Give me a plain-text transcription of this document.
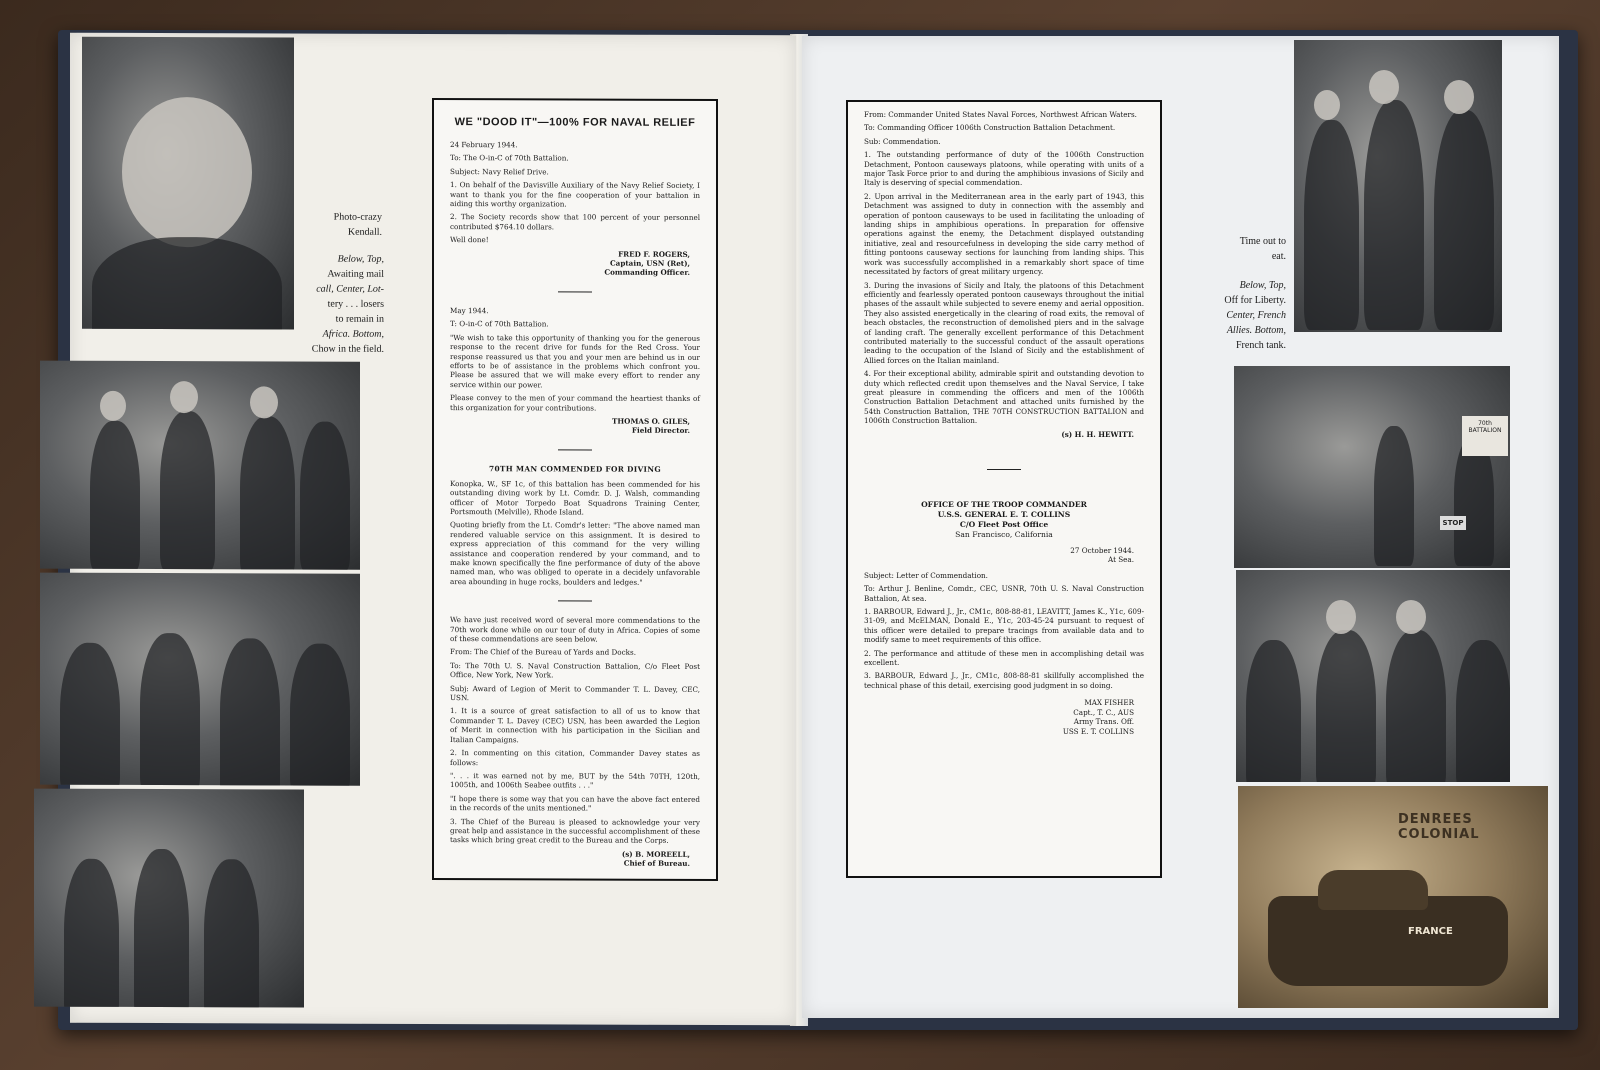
Photo-crazy
Kendall.
Below, Top,
Awaiting mail
call, Center, Lot-
tery . . . losers
to remain in
Africa. Bottom,
Chow in the field.
WE "DOOD IT"—100% FOR NAVAL RELIEF

24 February 1944.

To: The O-in-C of 70th Battalion.

Subject: Navy Relief Drive.

1. On behalf of the Davisville Auxiliary of the Navy Relief Society, I want to thank you for the fine cooperation of your battalion in aiding this worthy organization.

2. The Society records show that 100 percent of your personnel contributed $764.10 dollars.

Well done!

FRED F. ROGERS,
Captain, USN (Ret),
Commanding Officer.

May 1944.

T: O-in-C of 70th Battalion.

"We wish to take this opportunity of thanking you for the generous response to the recent drive for funds for the Red Cross. Your response reassured us that you and your men are behind us in our efforts to be of assistance in the problems which confront you. Please be assured that we will make every effort to render any service within our power.

Please convey to the men of your command the heartiest thanks of this organization for your contributions.

THOMAS O. GILES,
Field Director.
70TH MAN COMMENDED FOR DIVING

Konopka, W., SF 1c, of this battalion has been commended for his outstanding diving work by Lt. Comdr. D. J. Walsh, commanding officer of Motor Torpedo Boat Squadrons Training Center, Portsmouth (Melville), Rhode Island.

Quoting briefly from the Lt. Comdr's letter: "The above named man rendered valuable service on this assignment. It is desired to express appreciation of this command for the very willing assistance and cooperation rendered by your command, and to make known specifically the fine performance of duty of the above named man, who was obliged to operate in a decidely unfavorable area abounding in huge rocks, boulders and ledges."

We have just received word of several more commendations to the 70th work done while on our tour of duty in Africa. Copies of some of these commendations are seen below.

From: The Chief of the Bureau of Yards and Docks.

To: The 70th U. S. Naval Construction Battalion, C/o Fleet Post Office, New York, New York.

Subj: Award of Legion of Merit to Commander T. L. Davey, CEC, USN.

1. It is a source of great satisfaction to all of us to know that Commander T. L. Davey (CEC) USN, has been awarded the Legion of Merit in connection with his participation in the Sicilian and Italian Campaigns.

2. In commenting on this citation, Commander Davey states as follows:

". . . it was earned not by me, BUT by the 54th 70TH, 120th, 1005th, and 1006th Seabee outfits . . ."

"I hope there is some way that you can have the above fact entered in the records of the units mentioned."

3. The Chief of the Bureau is pleased to acknowledge your very great help and assistance in the successful accomplishment of these tasks which bring great credit to the Bureau and the Corps.

(s) B. MOREELL,
Chief of Bureau.

From: Commander United States Naval Forces, Northwest African Waters.

To: Commanding Officer 1006th Construction Battalion Detachment.

Sub: Commendation.

1. The outstanding performance of duty of the 1006th Construction Detachment, Pontoon causeways platoons, while operating with units of a major Task Force prior to and during the amphibious invasions of Sicily and Italy is deserving of special commendation.

2. Upon arrival in the Mediterranean area in the early part of 1943, this Detachment was assigned to duty in connection with the assembly and operation of pontoon causeways to be used in facilitating the unloading of landing ships in amphibious operations. In preparation for offensive operations against the enemy, the Detachment displayed outstanding initiative, zeal and resourcefulness in developing the side carry method of fitting pontoons causeway sections for launching from landing ships. This work was successfully accomplished in a remarkably short space of time necessitated by factors of great military urgency.

3. During the invasions of Sicily and Italy, the platoons of this Detachment efficiently and fearlessly operated pontoon causeways throughout the initial phases of the assault while subjected to severe enemy and aerial opposition. They also assisted energetically in the clearing of road exits, the removal of beach obstacles, the reconstruction of demolished piers and in the salvage of landing craft. The generally excellent performance of this Detachment contributed materially to the successful conduct of the assault operations leading to the occupation of the Island of Sicily and the establishment of Allied forces on the Italian mainland.

4. For their exceptional ability, admirable spirit and outstanding devotion to duty which reflected credit upon themselves and the Naval Service, I take great pleasure in commending the officers and men of the 1006th Construction Battalion Detachment and attached units furnished by the 54th Construction Battalion, THE 70TH CONSTRUCTION BATTALION and 1006th Construction Battalion.

(s) H. H. HEWITT.

OFFICE OF THE TROOP COMMANDER

U.S.S. GENERAL E. T. COLLINS

C/O Fleet Post Office

San Francisco, California

27 October 1944.
At Sea.

Subject: Letter of Commendation.

To: Arthur J. Benline, Comdr., CEC, USNR, 70th U. S. Naval Construction Battalion, At sea.

1. BARBOUR, Edward J., Jr., CM1c, 808-88-81, LEAVITT, James K., Y1c, 609-31-09, and McELMAN, Donald E., Y1c, 203-45-24 pursuant to request of this officer were detailed to prepare tracings from available data and to modify same to meet requirements of this office.

2. The performance and attitude of these men in accomplishing detail was excellent.

3. BARBOUR, Edward J., Jr., CM1c, 808-88-81 skillfully accomplished the technical phase of this detail, exercising good judgment in so doing.

MAX FISHER
Capt., T. C., AUS
Army Trans. Off.
USS E. T. COLLINS
Time out to
eat.
Below, Top,
Off for Liberty.
Center, French
Allies. Bottom,
French tank.
70th BATTALION
STOP
DENREES COLONIAL
FRANCE
